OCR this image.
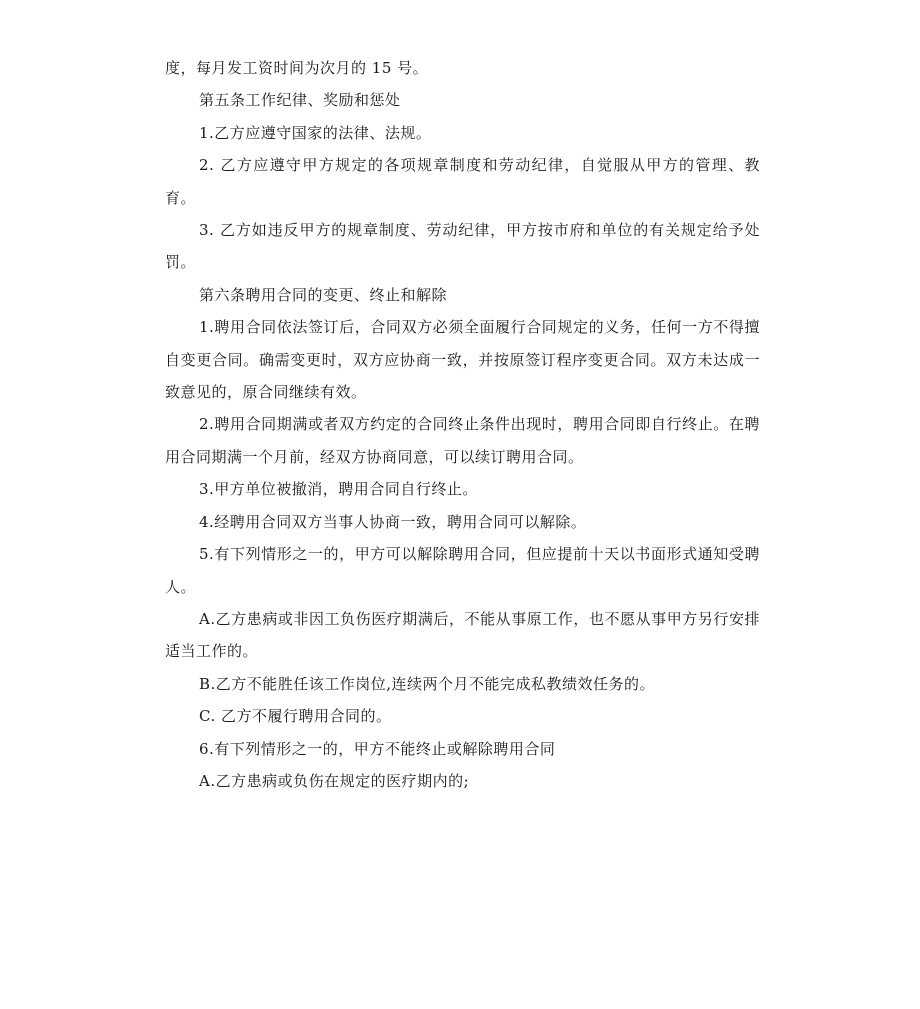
度，每月发工资时间为次月的 15 号。

第五条工作纪律、奖励和惩处

1.乙方应遵守国家的法律、法规。

2. 乙方应遵守甲方规定的各项规章制度和劳动纪律，自觉服从甲方的管理、教育。

3. 乙方如违反甲方的规章制度、劳动纪律，甲方按市府和单位的有关规定给予处罚。

第六条聘用合同的变更、终止和解除

1.聘用合同依法签订后，合同双方必须全面履行合同规定的义务，任何一方不得擅自变更合同。确需变更时，双方应协商一致，并按原签订程序变更合同。双方未达成一致意见的，原合同继续有效。

2.聘用合同期满或者双方约定的合同终止条件出现时，聘用合同即自行终止。在聘用合同期满一个月前，经双方协商同意，可以续订聘用合同。

3.甲方单位被撤消，聘用合同自行终止。

4.经聘用合同双方当事人协商一致，聘用合同可以解除。

5.有下列情形之一的，甲方可以解除聘用合同，但应提前十天以书面形式通知受聘人。

A.乙方患病或非因工负伤医疗期满后，不能从事原工作，也不愿从事甲方另行安排适当工作的。

B.乙方不能胜任该工作岗位,连续两个月不能完成私教绩效任务的。

C. 乙方不履行聘用合同的。

6.有下列情形之一的，甲方不能终止或解除聘用合同

A.乙方患病或负伤在规定的医疗期内的;
